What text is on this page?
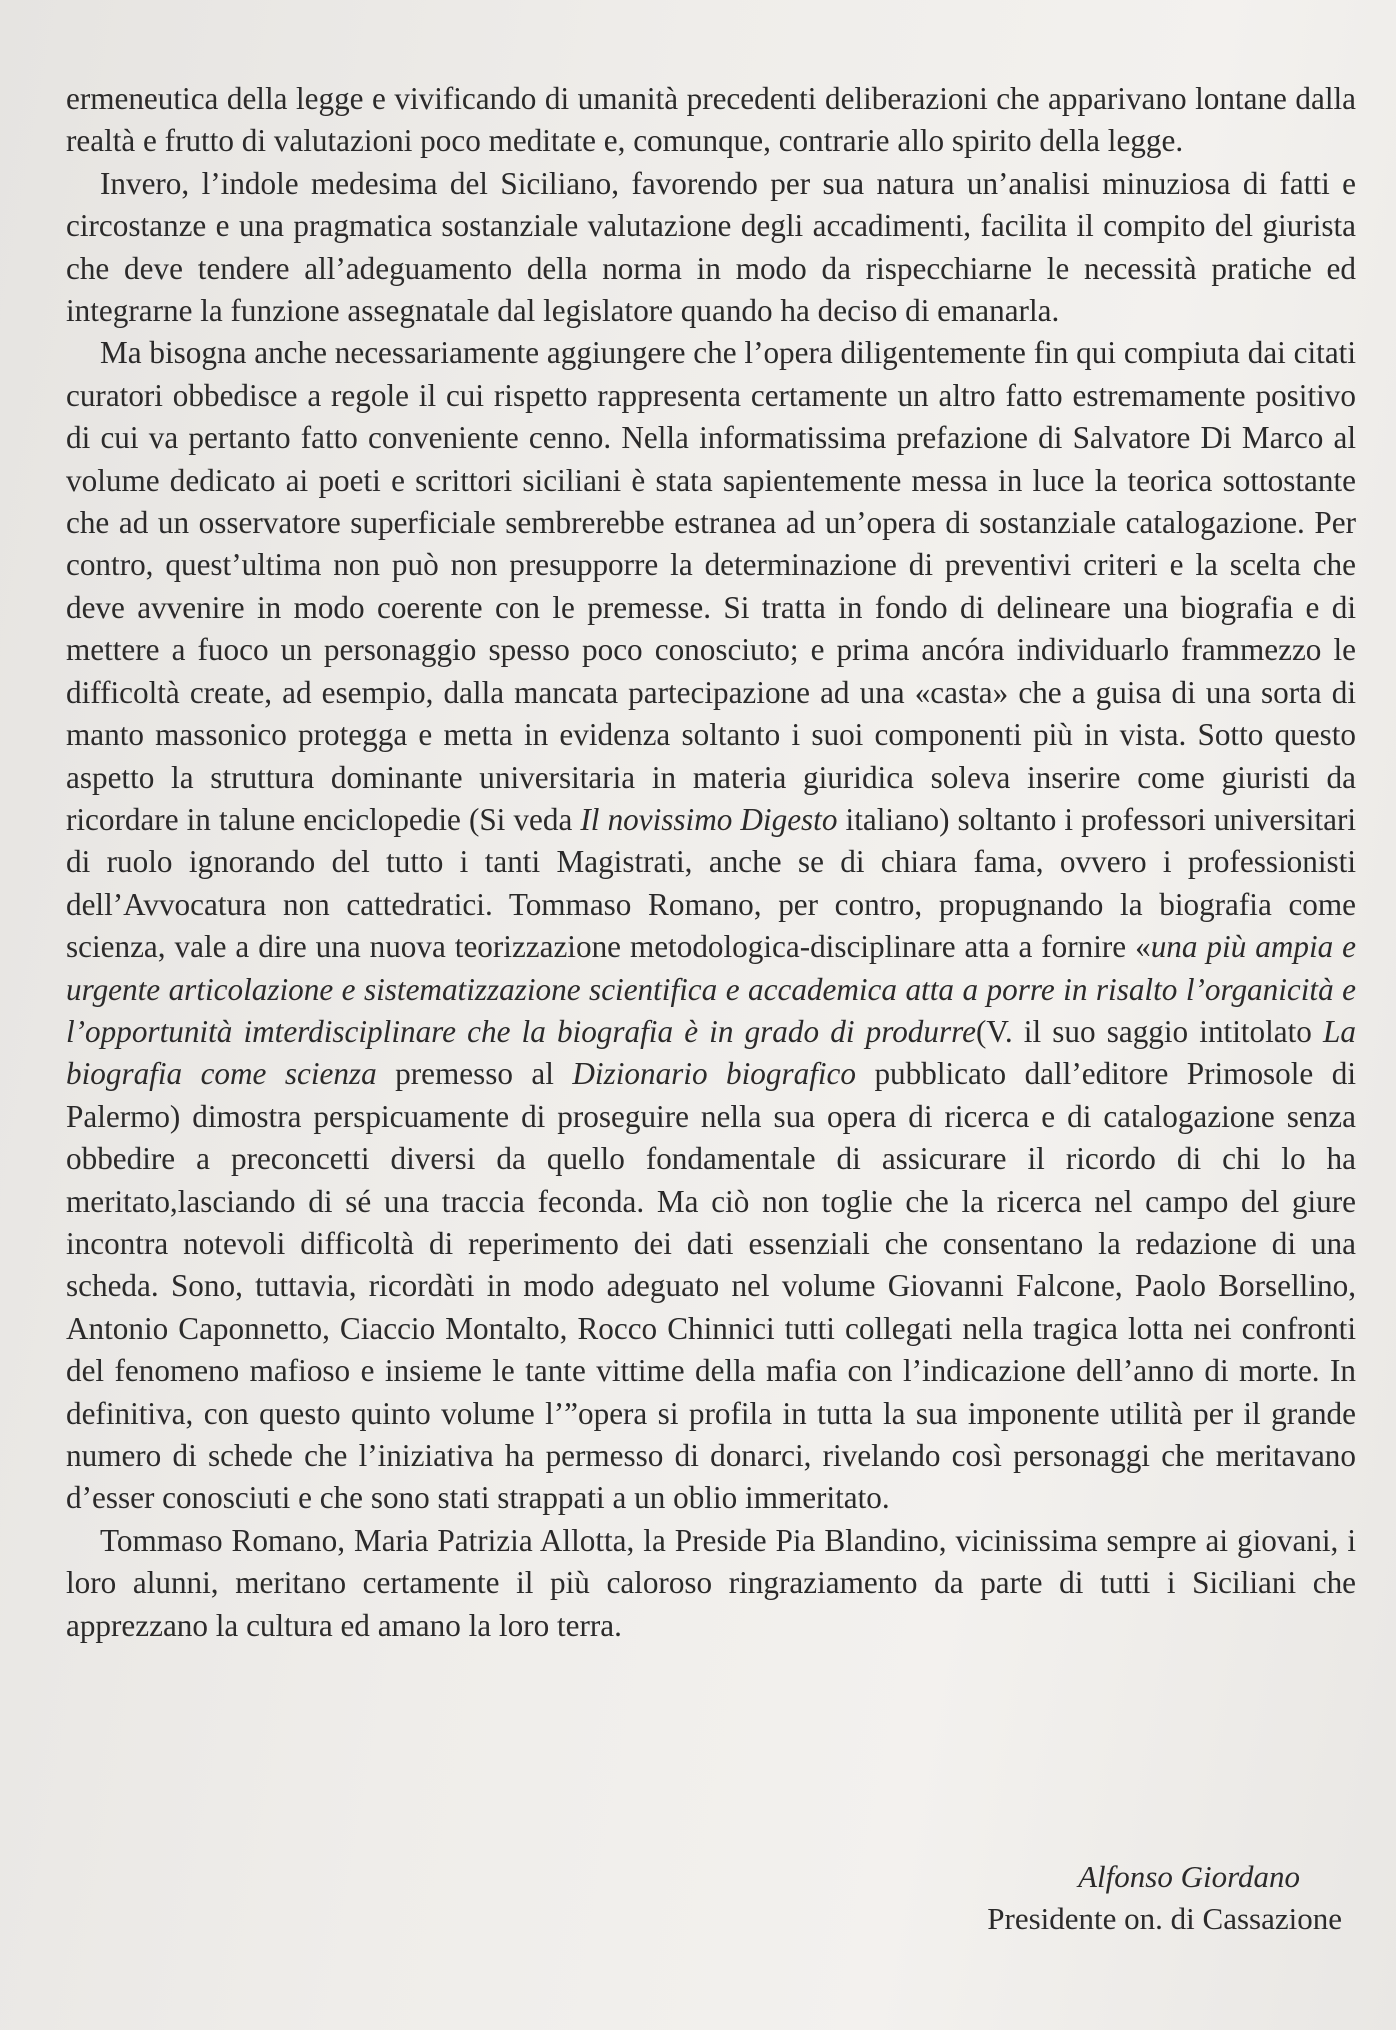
ermeneutica della legge e vivificando di umanità precedenti deliberazioni che apparivano lontane dalla realtà e frutto di valutazioni poco meditate e, comunque, contrarie allo spirito della legge.

Invero, l’indole medesima del Siciliano, favorendo per sua natura un’analisi minuziosa di fatti e circostanze e una pragmatica sostanziale valutazione degli accadimenti, facilita il compito del giurista che deve tendere all’adeguamento della norma in modo da rispecchiarne le necessità pratiche ed integrarne la funzione assegnatale dal legislatore quando ha deciso di emanarla.

Ma bisogna anche necessariamente aggiungere che l’opera diligentemente fin qui compiuta dai citati curatori obbedisce a regole il cui rispetto rappresenta certamente un altro fatto estremamente positivo di cui va pertanto fatto conveniente cenno. Nella informatissima prefazione di Salvatore Di Marco al volume dedicato ai poeti e scrittori siciliani è stata sapientemente messa in luce la teorica sottostante che ad un osservatore superficiale sembrerebbe estranea ad un’opera di sostanziale catalogazione. Per contro, quest’ultima non può non presupporre la determinazione di preventivi criteri e la scelta che deve avvenire in modo coerente con le premesse. Si tratta in fondo di delineare una biografia e di mettere a fuoco un personaggio spesso poco conosciuto; e prima ancóra individuarlo frammezzo le difficoltà create, ad esempio, dalla mancata partecipazione ad una «casta» che a guisa di una sorta di manto massonico protegga e metta in evidenza soltanto i suoi componenti più in vista. Sotto questo aspetto la struttura dominante universitaria in materia giuridica soleva inserire come giuristi da ricordare in talune enciclopedie (Si veda Il novissimo Digesto italiano) soltanto i professori universitari di ruolo ignorando del tutto i tanti Magistrati, anche se di chiara fama, ovvero i professionisti dell’Avvocatura non cattedratici. Tommaso Romano, per contro, propugnando la biografia come scienza, vale a dire una nuova teorizzazione metodologica-disciplinare atta a fornire «una più ampia e urgente articolazione e sistematizzazione scientifica e accademica atta a porre in risalto l’organicità e l’opportunità imterdisciplinare che la biografia è in grado di produrre(V. il suo saggio intitolato La biografia come scienza premesso al Dizionario biografico pubblicato dall’editore Primosole di Palermo) dimostra perspicuamente di proseguire nella sua opera di ricerca e di catalogazione senza obbedire a preconcetti diversi da quello fondamentale di assicurare il ricordo di chi lo ha meritato,lasciando di sé una traccia feconda. Ma ciò non toglie che la ricerca nel campo del giure incontra notevoli difficoltà di reperimento dei dati essenziali che consentano la redazione di una scheda. Sono, tuttavia, ricordàti in modo adeguato nel volume Giovanni Falcone, Paolo Borsellino, Antonio Caponnetto, Ciaccio Montalto, Rocco Chinnici tutti collegati nella tragica lotta nei confronti del fenomeno mafioso e insieme le tante vittime della mafia con l’indicazione dell’anno di morte. In definitiva, con questo quinto volume l’”opera si profila in tutta la sua imponente utilità per il grande numero di schede che l’iniziativa ha permesso di donarci, rivelando così personaggi che meritavano d’esser conosciuti e che sono stati strappati a un oblio immeritato.

Tommaso Romano, Maria Patrizia Allotta, la Preside Pia Blandino, vicinissima sempre ai giovani, i loro alunni, meritano certamente il più caloroso ringraziamento da parte di tutti i Siciliani che apprezzano la cultura ed amano la loro terra.

Alfonso Giordano
Presidente on. di Cassazione
